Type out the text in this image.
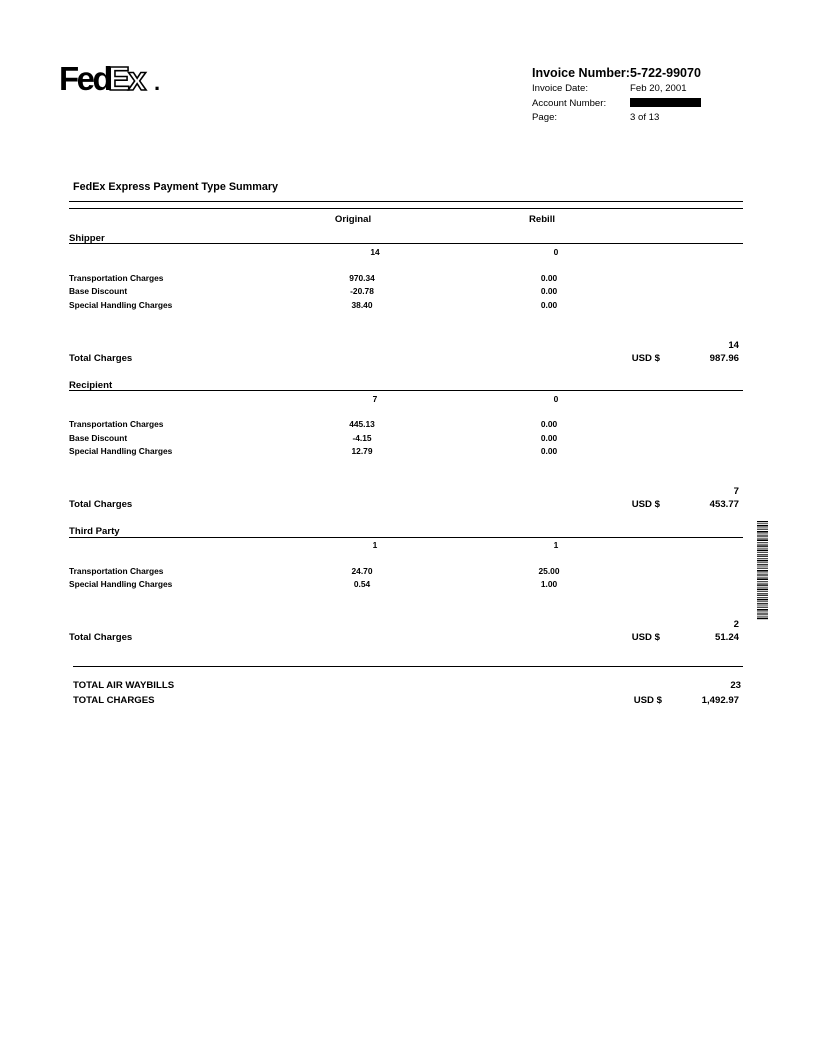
Fed
Ex .	Invoice Number: 5-722-99070
Invoice Date:	Feb 20, 2001
Account Number:
Page:	3 of 13
FedEx Express Payment Type Summary
Original	Rebill
Shipper
14	0
Transportation Charges	970.34	0.00
Base Discount	-20.78	0.00
Special Handling Charges	38.40	0.00
14
Total Charges	USD $	987.96
Recipient
7	0
Transportation Charges	445.13	0.00
Base Discount	-4.15	0.00
Special Handling Charges	12.79	0.00
7
Total Charges	USD $	453.77
Third Party
1	1
Transportation Charges	24.70	25.00
Special Handling Charges	0.54	1.00
2
Total Charges	USD $	51.24
TOTAL AIR WAYBILLS	23
TOTAL CHARGES	USD $	1,492.97
